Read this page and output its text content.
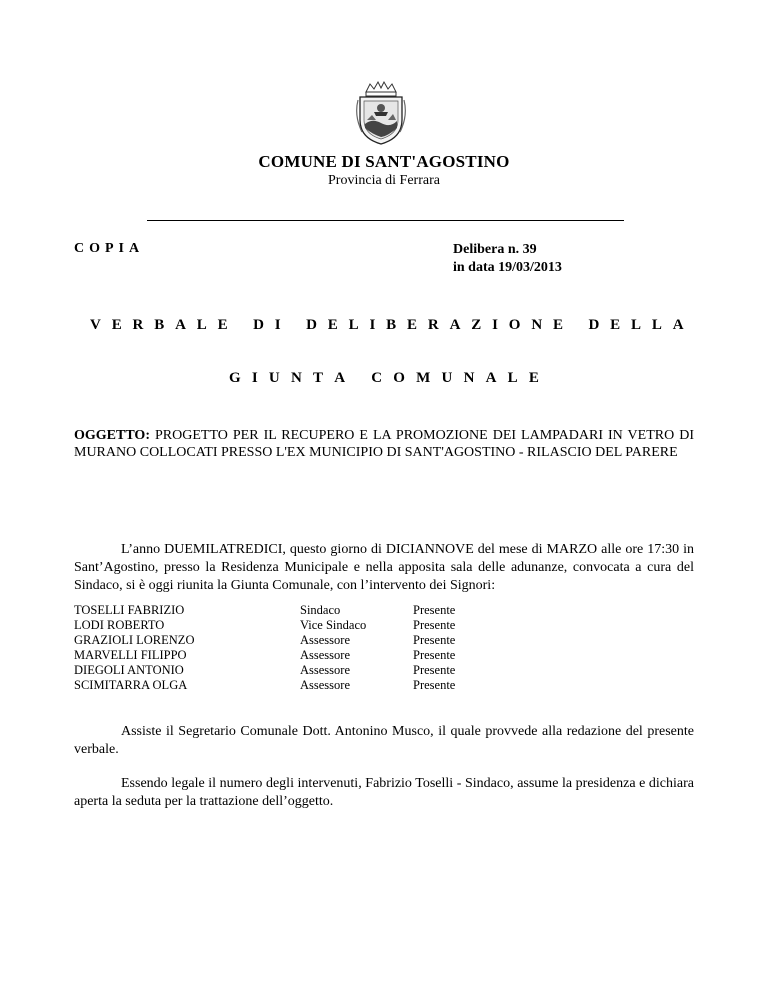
COMUNE DI SANT'AGOSTINO
Provincia di Ferrara
COPIA	Delibera n. 39
in data 19/03/2013
V E R B A L E
D I
D E L I B E R A Z I O N E
D E L L A
G I U N T A
C O M U N A L E
OGGETTO: PROGETTO PER IL RECUPERO E LA PROMOZIONE DEI LAMPADARI IN VETRO DI MURANO COLLOCATI PRESSO L'EX MUNICIPIO DI SANT'AGOSTINO - RILASCIO DEL PARERE
L’anno DUEMILATREDICI, questo giorno di DICIANNOVE del mese di MARZO alle ore 17:30 in Sant’Agostino, presso la Residenza Municipale e nella apposita sala delle adunanze, convocata a cura del Sindaco, si è oggi riunita la Giunta Comunale, con l’intervento dei Signori:
TOSELLI FABRIZIO	Sindaco	Presente
LODI ROBERTO	Vice Sindaco	Presente
GRAZIOLI LORENZO	Assessore	Presente
MARVELLI FILIPPO	Assessore	Presente
DIEGOLI ANTONIO	Assessore	Presente
SCIMITARRA OLGA	Assessore	Presente
Assiste il Segretario Comunale Dott. Antonino Musco, il quale provvede alla redazione del presente verbale.
Essendo legale il numero degli intervenuti, Fabrizio Toselli - Sindaco, assume la presidenza e dichiara aperta la seduta per la trattazione dell’oggetto.
